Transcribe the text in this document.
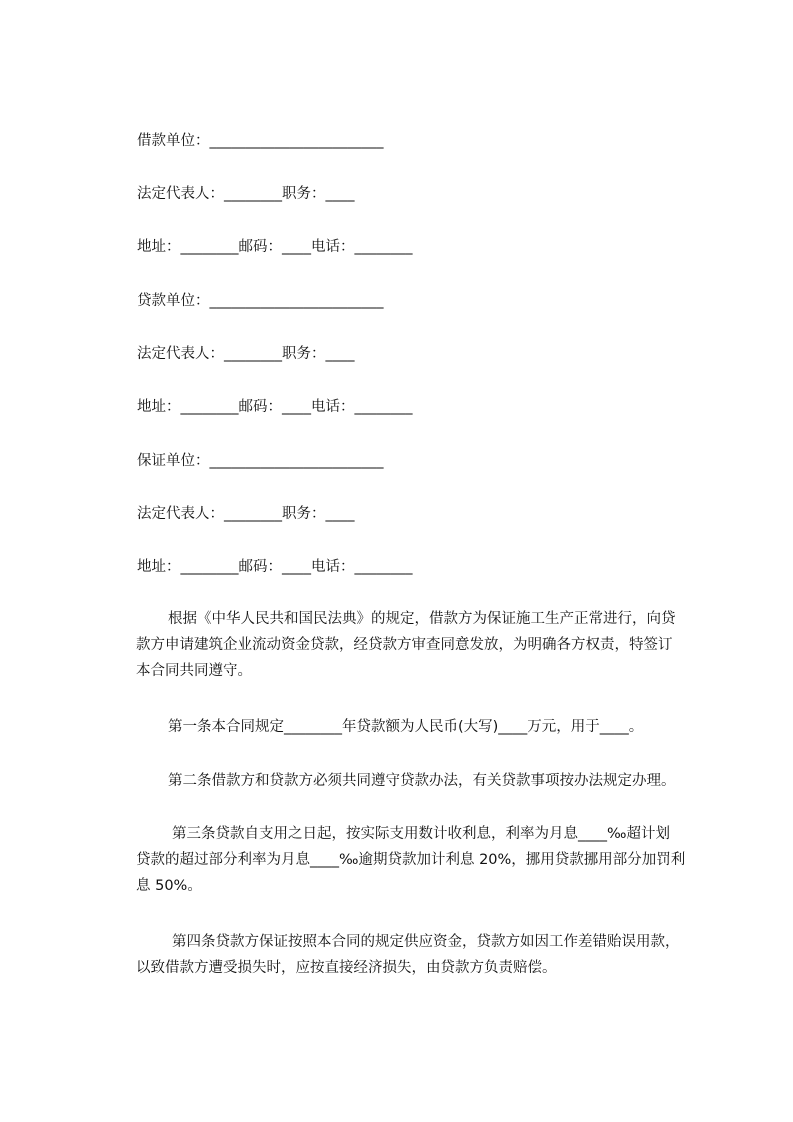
借款单位：________________________
法定代表人：________职务：____
地址：________邮码：____电话：________
贷款单位：________________________
法定代表人：________职务：____
地址：________邮码：____电话：________
保证单位：________________________
法定代表人：________职务：____
地址：________邮码：____电话：________
根据《中华人民共和国民法典》的规定，借款方为保证施工生产正常进行，向贷
款方申请建筑企业流动资金贷款，经贷款方审查同意发放，为明确各方权责，特签订
本合同共同遵守。
第一条本合同规定________年贷款额为人民币(大写)____万元，用于____。
第二条借款方和贷款方必须共同遵守贷款办法，有关贷款事项按办法规定办理。
第三条贷款自支用之日起，按实际支用数计收利息，利率为月息____‰超计划
贷款的超过部分利率为月息____‰逾期贷款加计利息 20%，挪用贷款挪用部分加罚利
息 50%。
第四条贷款方保证按照本合同的规定供应资金，贷款方如因工作差错贻误用款，
以致借款方遭受损失时，应按直接经济损失，由贷款方负责赔偿。
